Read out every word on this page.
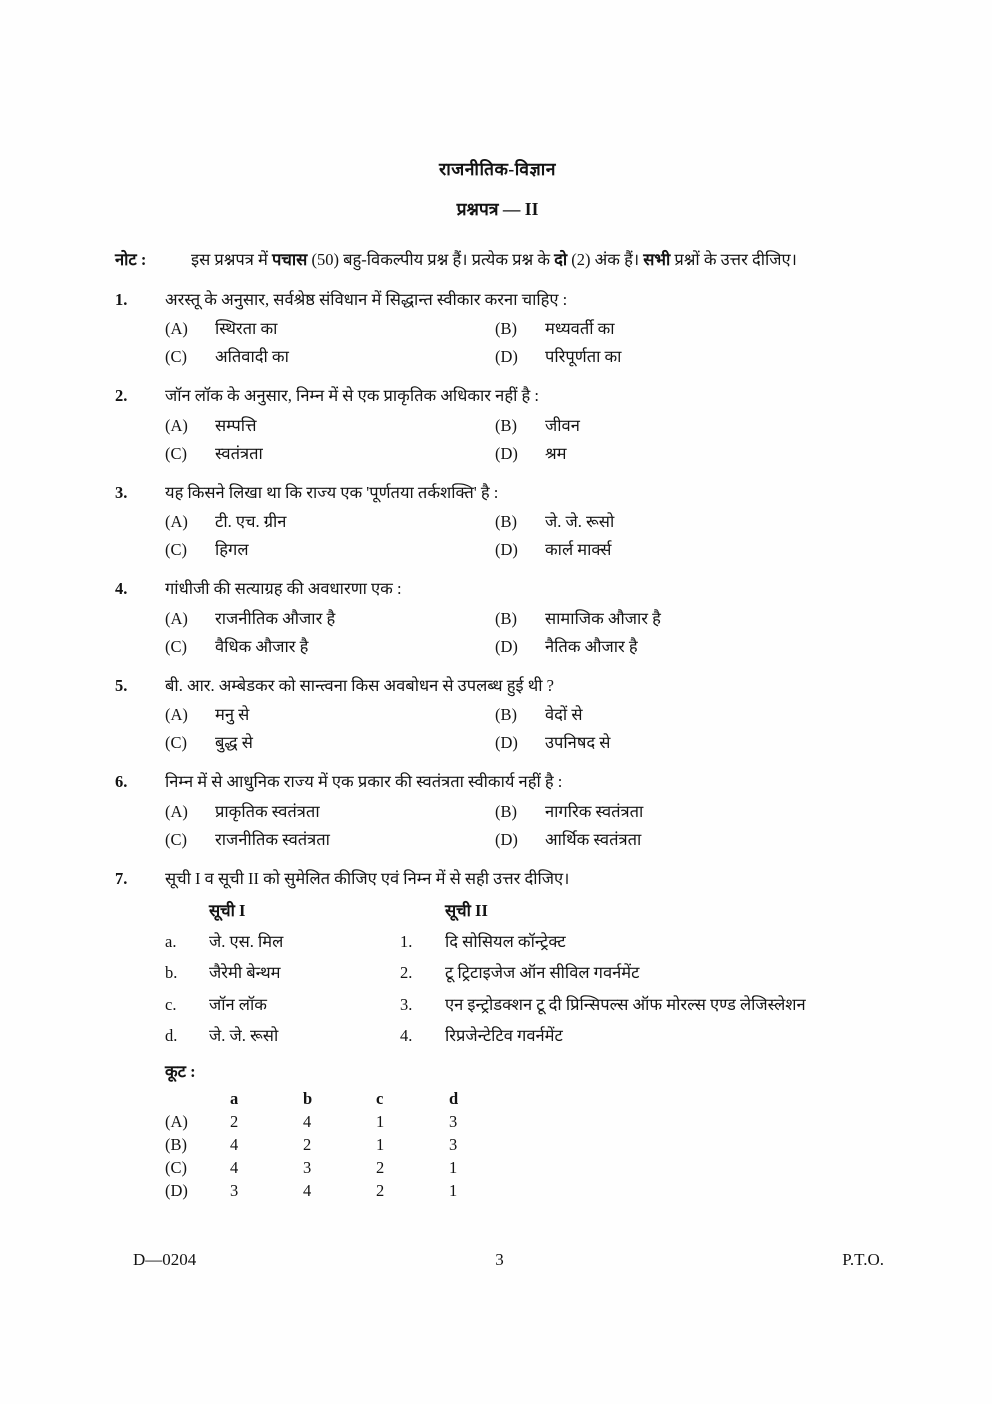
राजनीतिक-विज्ञान
प्रश्नपत्र — II
नोट :	इस प्रश्नपत्र में पचास (50) बहु-विकल्पीय प्रश्न हैं। प्रत्येक प्रश्न के दो (2) अंक हैं। सभी प्रश्नों के उत्तर दीजिए।
1.	अरस्तू के अनुसार, सर्वश्रेष्ठ संविधान में सिद्धान्त स्वीकार करना चाहिए :
(A)	स्थिरता का	(B)	मध्यवर्ती का
(C)	अतिवादी का	(D)	परिपूर्णता का
2.	जॉन लॉक के अनुसार, निम्न में से एक प्राकृतिक अधिकार नहीं है :
(A)	सम्पत्ति	(B)	जीवन
(C)	स्वतंत्रता	(D)	श्रम
3.	यह किसने लिखा था कि राज्य एक 'पूर्णतया तर्कशक्ति' है :
(A)	टी. एच. ग्रीन	(B)	जे. जे. रूसो
(C)	हिगल	(D)	कार्ल मार्क्स
4.	गांधीजी की सत्याग्रह की अवधारणा एक :
(A)	राजनीतिक औजार है	(B)	सामाजिक औजार है
(C)	वैधिक औजार है	(D)	नैतिक औजार है
5.	बी. आर. अम्बेडकर को सान्त्वना किस अवबोधन से उपलब्ध हुई थी ?
(A)	मनु से	(B)	वेदों से
(C)	बुद्ध से	(D)	उपनिषद से
6.	निम्न में से आधुनिक राज्य में एक प्रकार की स्वतंत्रता स्वीकार्य नहीं है :
(A)	प्राकृतिक स्वतंत्रता	(B)	नागरिक स्वतंत्रता
(C)	राजनीतिक स्वतंत्रता	(D)	आर्थिक स्वतंत्रता
7.	सूची I व सूची II को सुमेलित कीजिए एवं निम्न में से सही उत्तर दीजिए।
सूची I	सूची II
a.	जे. एस. मिल	1.	दि सोसियल कॉन्ट्रेक्ट
b.	जैरेमी बेन्थम	2.	टू ट्रिटाइजेज ऑन सीविल गवर्नमेंट
c.	जॉन लॉक	3.	एन इन्ट्रोडक्शन टू दी प्रिन्सिपल्स ऑफ मोरल्स एण्ड लेजिस्लेशन
d.	जे. जे. रूसो	4.	रिप्रजेन्टेटिव गवर्नमेंट
कूट :
a	b	c	d
(A)	2	4	1	3
(B)	4	2	1	3
(C)	4	3	2	1
(D)	3	4	2	1
D—0204	3	P.T.O.
